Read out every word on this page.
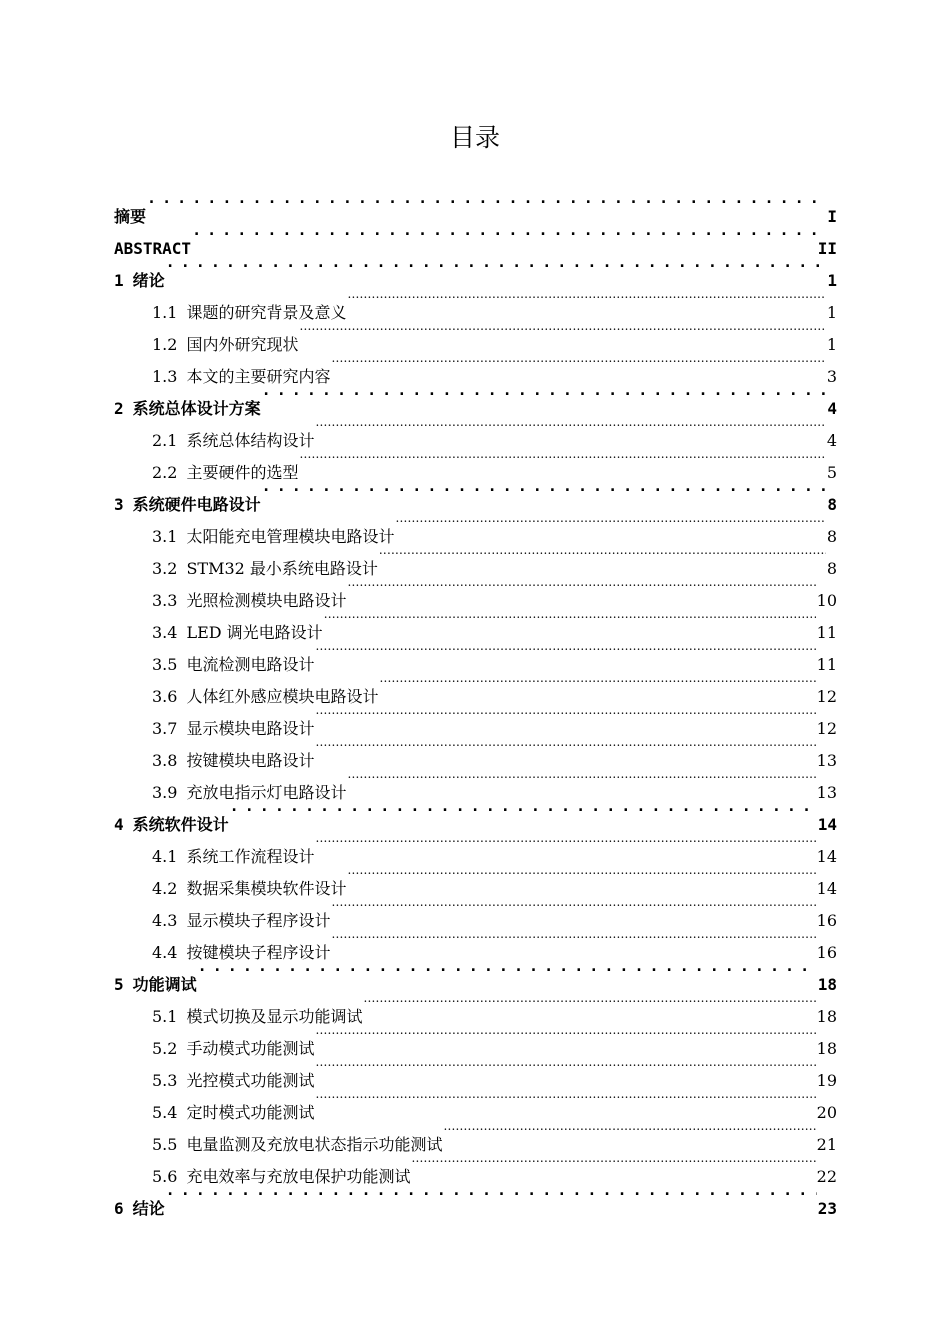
目录
摘要 . . .	I
ABSTRACT . . .	II
1 绪论 . . .	1
1.1 课题的研究背景及意义 .....	1
1.2 国内外研究现状 .....	1
1.3 本文的主要研究内容 .....	3
2 系统总体设计方案 . . .	4
2.1 系统总体结构设计 .....	4
2.2 主要硬件的选型 .....	5
3 系统硬件电路设计 . . .	8
3.1 太阳能充电管理模块电路设计 .....	8
3.2 STM32 最小系统电路设计 .....	8
3.3 光照检测模块电路设计 .....	10
3.4 LED 调光电路设计 .....	11
3.5 电流检测电路设计 .....	11
3.6 人体红外感应模块电路设计 .....	12
3.7 显示模块电路设计 .....	12
3.8 按键模块电路设计 .....	13
3.9 充放电指示灯电路设计 .....	13
4 系统软件设计 . . .	14
4.1 系统工作流程设计 .....	14
4.2 数据采集模块软件设计 .....	14
4.3 显示模块子程序设计 .....	16
4.4 按键模块子程序设计 .....	16
5 功能调试 . . .	18
5.1 模式切换及显示功能调试 .....	18
5.2 手动模式功能测试 .....	18
5.3 光控模式功能测试 .....	19
5.4 定时模式功能测试 .....	20
5.5 电量监测及充放电状态指示功能测试 .....	21
5.6 充电效率与充放电保护功能测试 .....	22
6 结论 . . .	23
